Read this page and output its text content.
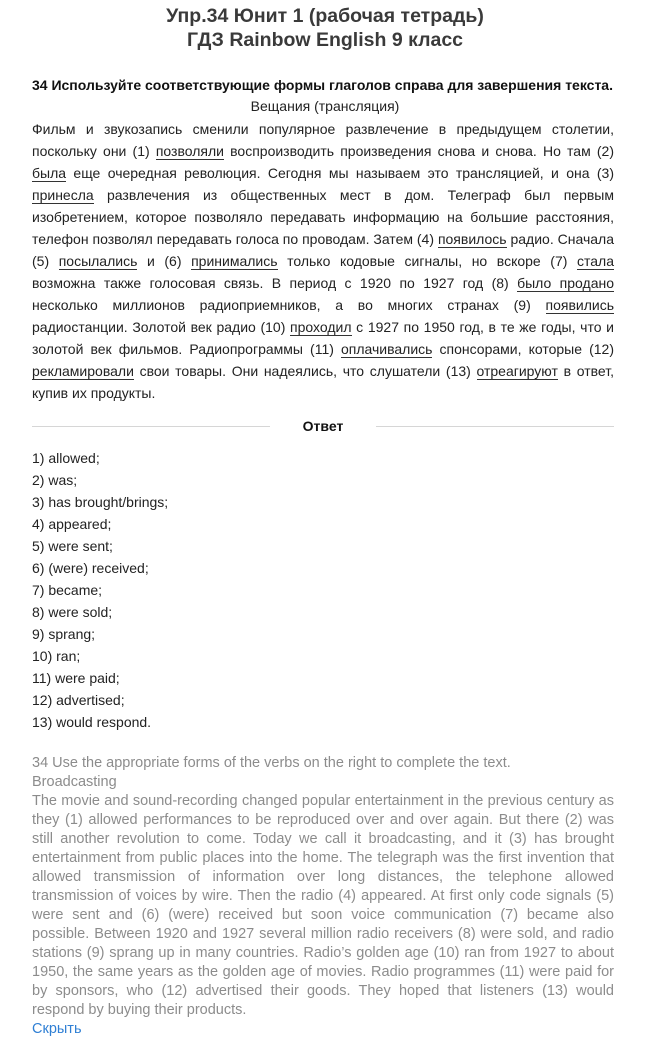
Упр.34 Юнит 1 (рабочая тетрадь)
ГДЗ Rainbow English 9 класс
34 Используйте соответствующие формы глаголов справа для завершения текста.
Вещания (трансляция)
Фильм и звукозапись сменили популярное развлечение в предыдущем столетии, поскольку они (1) позволяли воспроизводить произведения снова и снова. Но там (2) была еще очередная революция. Сегодня мы называем это трансляцией, и она (3) принесла развлечения из общественных мест в дом. Телеграф был первым изобретением, которое позволяло передавать информацию на большие расстояния, телефон позволял передавать голоса по проводам. Затем (4) появилось радио. Сначала (5) посылались и (6) принимались только кодовые сигналы, но вскоре (7) стала возможна также голосовая связь. В период с 1920 по 1927 год (8) было продано несколько миллионов радиоприемников, а во многих странах (9) появились радиостанции. Золотой век радио (10) проходил с 1927 по 1950 год, в те же годы, что и золотой век фильмов. Радиопрограммы (11) оплачивались спонсорами, которые (12) рекламировали свои товары. Они надеялись, что слушатели (13) отреагируют в ответ, купив их продукты.
Ответ
1) allowed;
2) was;
3) has brought/brings;
4) appeared;
5) were sent;
6) (were) received;
7) became;
8) were sold;
9) sprang;
10) ran;
11) were paid;
12) advertised;
13) would respond.
34 Use the appropriate forms of the verbs on the right to complete the text.
Broadcasting
The movie and sound-recording changed popular entertainment in the previous century as they (1) allowed performances to be reproduced over and over again. But there (2) was still another revolution to come. Today we call it broadcasting, and it (3) has brought entertainment from public places into the home. The telegraph was the first invention that allowed transmission of information over long distances, the telephone allowed transmission of voices by wire. Then the radio (4) appeared. At first only code signals (5) were sent and (6) (were) received but soon voice communication (7) became also possible. Between 1920 and 1927 several million radio receivers (8) were sold, and radio stations (9) sprang up in many countries. Radio’s golden age (10) ran from 1927 to about 1950, the same years as the golden age of movies. Radio programmes (11) were paid for by sponsors, who (12) advertised their goods. They hoped that listeners (13) would respond by buying their products.
Скрыть
